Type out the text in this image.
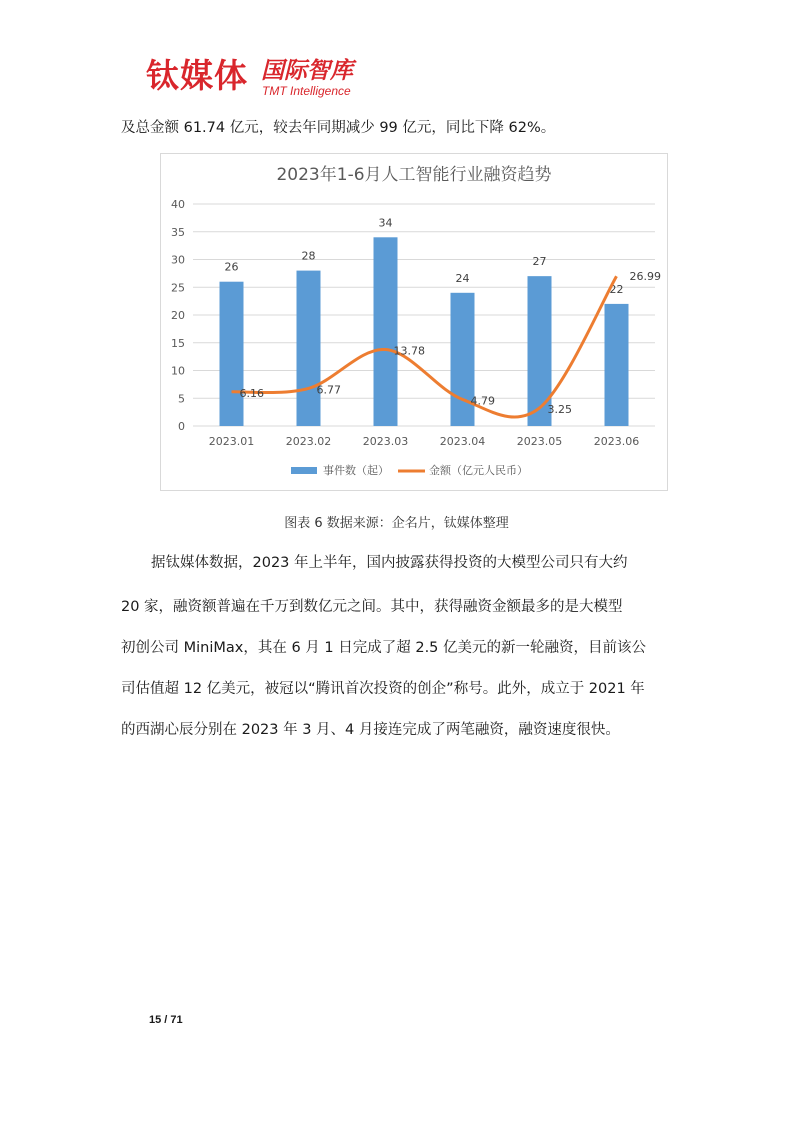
钛媒体 国际智库
TMT Intelligence
及总金额 61.74 亿元，较去年同期减少 99 亿元，同比下降 62%。
2023年1-6月人工智能行业融资趋势
0
5
10
15
20
25
30
35
40
26
28
34
24
27
22
6.16	6.77
13.78
4.79
3.25
26.99
2023.01	2023.02	2023.03	2023.04	2023.05	2023.06
事件数（起）	金额（亿元人民币）
图表 6 数据来源：企名片，钛媒体整理
据钛媒体数据，2023 年上半年，国内披露获得投资的大模型公司只有大约
20 家，融资额普遍在千万到数亿元之间。其中，获得融资金额最多的是大模型
初创公司 MiniMax，其在 6 月 1 日完成了超 2.5 亿美元的新一轮融资，目前该公
司估值超 12 亿美元，被冠以“腾讯首次投资的创企”称号。此外，成立于 2021 年
的西湖心辰分别在 2023 年 3 月、4 月接连完成了两笔融资，融资速度很快。
15 / 71
